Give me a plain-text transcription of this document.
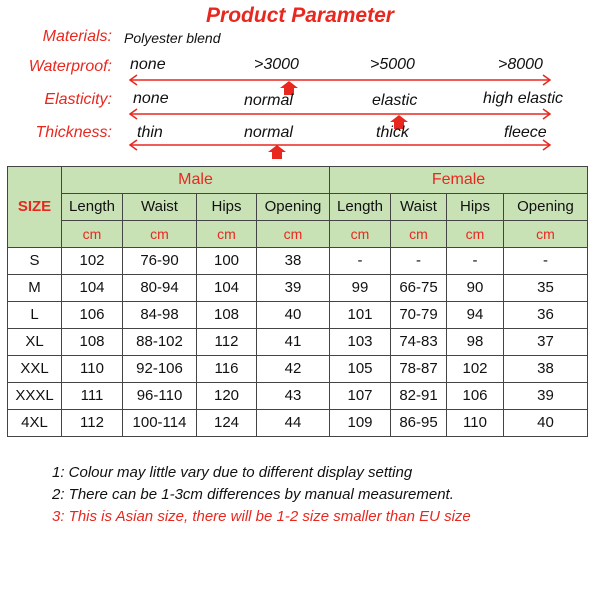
Product Parameter
Materials: Polyester blend
Waterproof: none	>3000	>5000	>8000
Elasticity: none	normal	elastic	high elastic
Thickness: thin	normal	thick	fleece
SIZE	Male				Female			
	Length	Waist	Hips	Opening	Length	Waist	Hips	Opening
	cm	cm	cm	cm	cm	cm	cm	cm
S	102	76-90	100	38	-	-	-	-
M	104	80-94	104	39	99	66-75	90	35
L	106	84-98	108	40	101	70-79	94	36
XL	108	88-102	112	41	103	74-83	98	37
XXL	110	92-106	116	42	105	78-87	102	38
XXXL	111	96-110	120	43	107	82-91	106	39
4XL	112	100-114	124	44	109	86-95	110	40
1: Colour may little vary due to different display setting
2: There can be 1-3cm differences by manual measurement.
3: This is Asian size, there will be 1-2 size smaller than EU size
